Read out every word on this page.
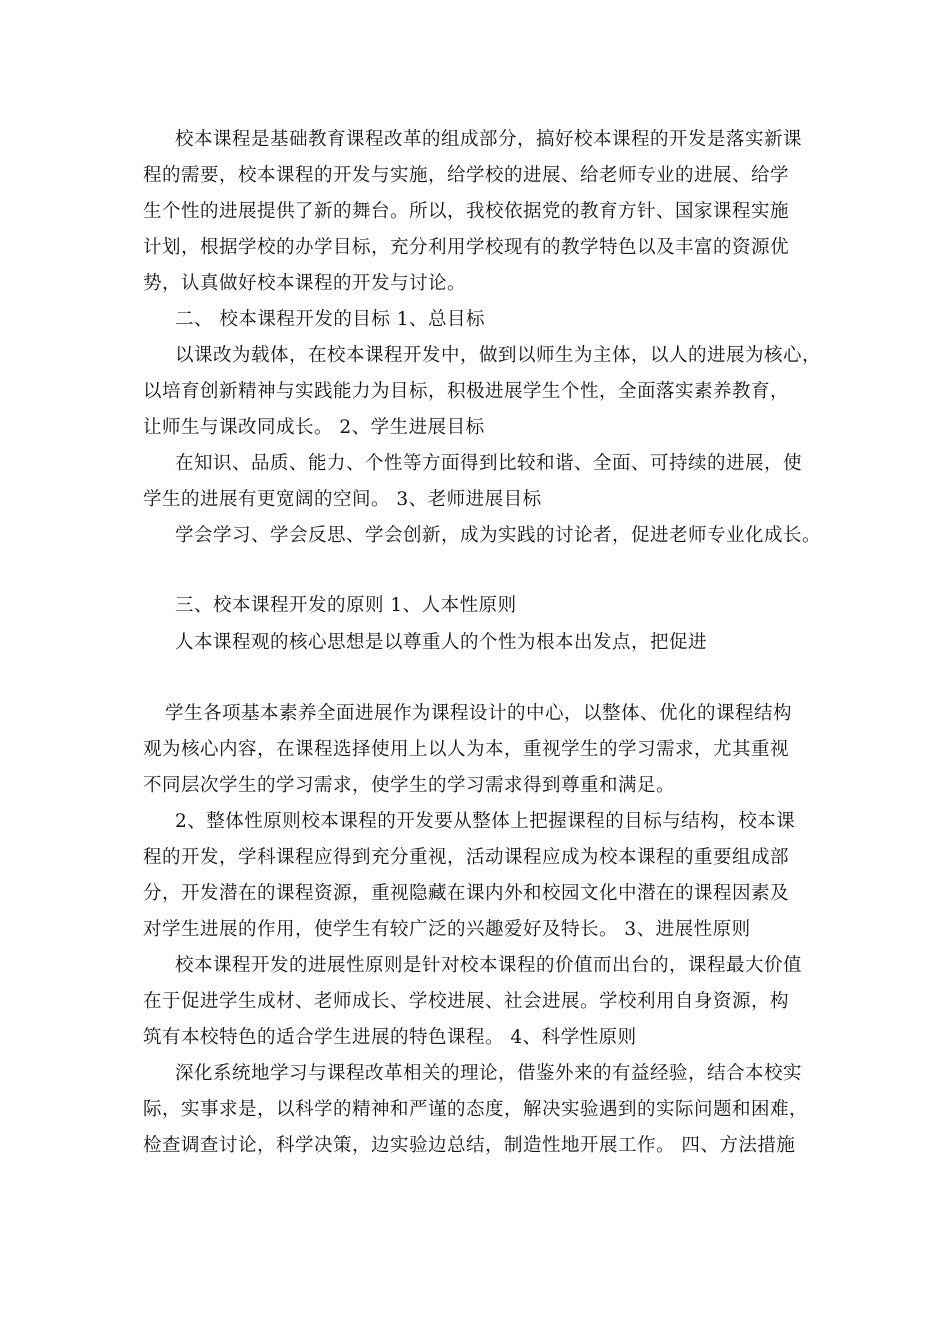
校本课程是基础教育课程改革的组成部分，搞好校本课程的开发是落实新课
程的需要，校本课程的开发与实施，给学校的进展、给老师专业的进展、给学
生个性的进展提供了新的舞台。所以，我校依据党的教育方针、国家课程实施
计划，根据学校的办学目标，充分利用学校现有的教学特色以及丰富的资源优
势，认真做好校本课程的开发与讨论。
二、 校本课程开发的目标 1、总目标
以课改为载体，在校本课程开发中，做到以师生为主体，以人的进展为核心，
以培育创新精神与实践能力为目标，积极进展学生个性，全面落实素养教育，
让师生与课改同成长。 2、学生进展目标
在知识、品质、能力、个性等方面得到比较和谐、全面、可持续的进展，使
学生的进展有更宽阔的空间。 3、老师进展目标
学会学习、学会反思、学会创新，成为实践的讨论者，促进老师专业化成长。
三、校本课程开发的原则 1、人本性原则
人本课程观的核心思想是以尊重人的个性为根本出发点，把促进
学生各项基本素养全面进展作为课程设计的中心，以整体、优化的课程结构
观为核心内容，在课程选择使用上以人为本，重视学生的学习需求，尤其重视
不同层次学生的学习需求，使学生的学习需求得到尊重和满足。
2、整体性原则校本课程的开发要从整体上把握课程的目标与结构，校本课
程的开发，学科课程应得到充分重视，活动课程应成为校本课程的重要组成部
分，开发潜在的课程资源，重视隐藏在课内外和校园文化中潜在的课程因素及
对学生进展的作用，使学生有较广泛的兴趣爱好及特长。 3、进展性原则
校本课程开发的进展性原则是针对校本课程的价值而出台的，课程最大价值
在于促进学生成材、老师成长、学校进展、社会进展。学校利用自身资源，构
筑有本校特色的适合学生进展的特色课程。 4、科学性原则
深化系统地学习与课程改革相关的理论，借鉴外来的有益经验，结合本校实
际，实事求是，以科学的精神和严谨的态度，解决实验遇到的实际问题和困难，
检查调查讨论，科学决策，边实验边总结，制造性地开展工作。 四、方法措施
